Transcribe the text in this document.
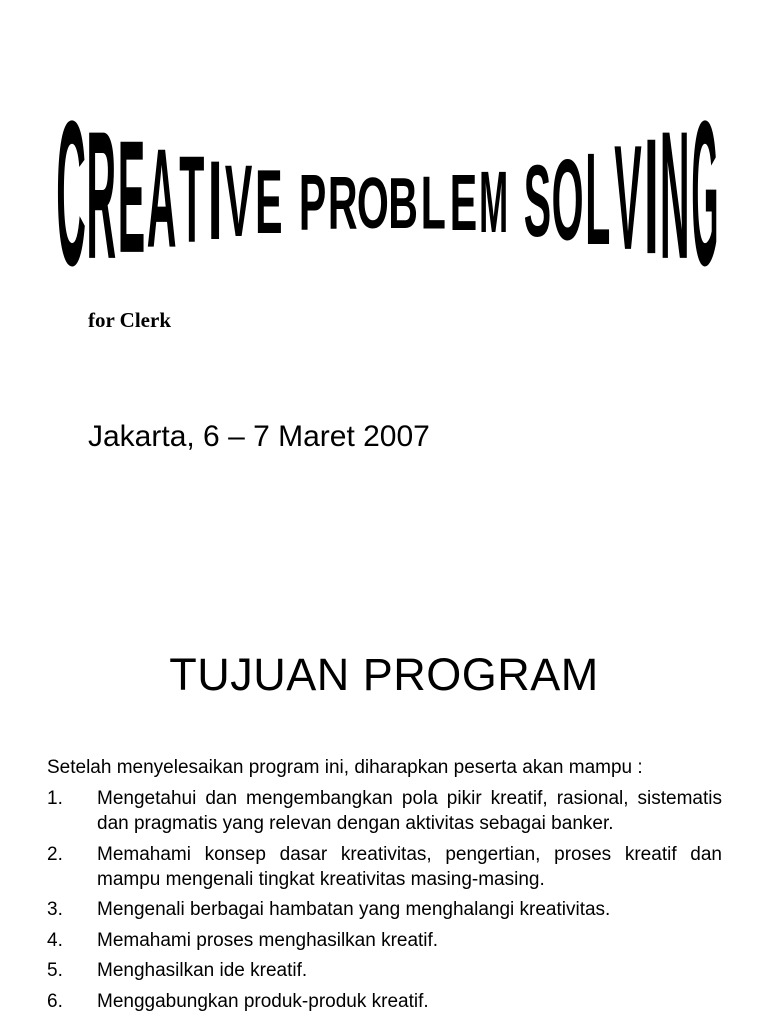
C R E A T I V E P R O B L E M S O L V I N G
for Clerk
Jakarta, 6 – 7 Maret 2007
TUJUAN PROGRAM
Setelah menyelesaikan program ini, diharapkan peserta akan mampu :
1.	Mengetahui dan mengembangkan pola pikir kreatif, rasional, sistematis dan pragmatis yang relevan dengan aktivitas sebagai banker.
2.	Memahami konsep dasar kreativitas, pengertian, proses kreatif dan mampu mengenali tingkat kreativitas masing-masing.
3.	Mengenali berbagai hambatan yang menghalangi kreativitas.
4.	Memahami proses menghasilkan kreatif.
5.	Menghasilkan ide kreatif.
6.	Menggabungkan produk-produk kreatif.
